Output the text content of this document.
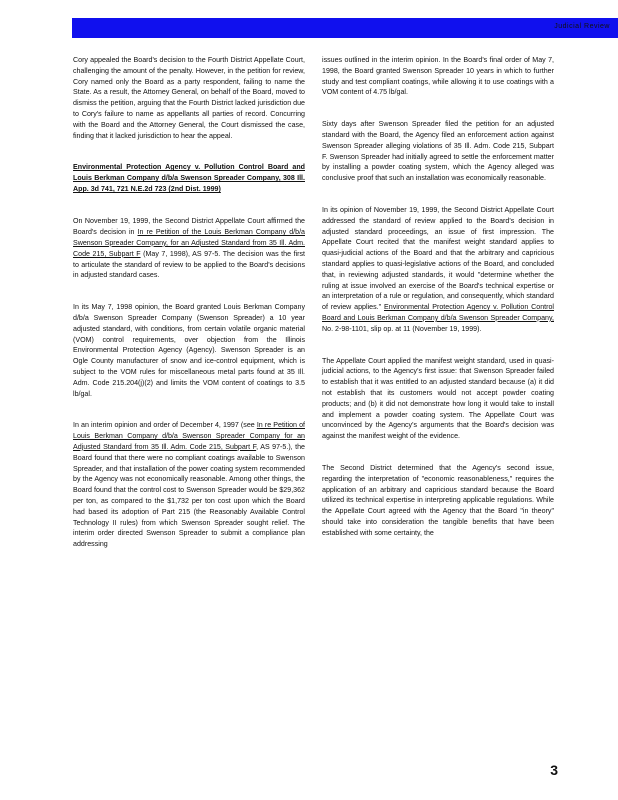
Judicial Review

Cory appealed the Board's decision to the Fourth District Appellate Court, challenging the amount of the penalty. However, in the petition for review, Cory named only the Board as a party respondent, failing to name the State. As a result, the Attorney General, on behalf of the Board, moved to dismiss the petition, arguing that the Fourth District lacked jurisdiction due to Cory's failure to name as appellants all parties of record. Concurring with the Board and the Attorney General, the Court dismissed the case, finding that it lacked jurisdiction to hear the appeal.

Environmental Protection Agency v. Pollution Control Board and Louis Berkman Company d/b/a Swenson Spreader Company, 308 Ill. App. 3d 741, 721 N.E.2d 723 (2nd Dist. 1999)

On November 19, 1999, the Second District Appellate Court affirmed the Board's decision in In re Petition of the Louis Berkman Company d/b/a Swenson Spreader Company, for an Adjusted Standard from 35 Ill. Adm. Code 215, Subpart F (May 7, 1998), AS 97-5. The decision was the first to articulate the standard of review to be applied to the Board's decisions in adjusted standard cases.

In its May 7, 1998 opinion, the Board granted Louis Berkman Company d/b/a Swenson Spreader Company (Swenson Spreader) a 10 year adjusted standard, with conditions, from certain volatile organic material (VOM) control requirements, over objection from the Illinois Environmental Protection Agency (Agency). Swenson Spreader is an Ogle County manufacturer of snow and ice-control equipment, which is subject to the VOM rules for miscellaneous metal parts found at 35 Ill. Adm. Code 215.204(j)(2) and limits the VOM content of coatings to 3.5 lb/gal.

In an interim opinion and order of December 4, 1997 (see In re Petition of Louis Berkman Company d/b/a Swenson Spreader Company for an Adjusted Standard from 35 Ill. Adm. Code 215, Subpart F, AS 97-5.), the Board found that there were no compliant coatings available to Swenson Spreader, and that installation of the power coating system recommended by the Agency was not economically reasonable. Among other things, the Board found that the control cost to Swenson Spreader would be $29,362 per ton, as compared to the $1,732 per ton cost upon which the Board had based its adoption of Part 215 (the Reasonably Available Control Technology II rules) from which Swenson Spreader sought relief. The interim order directed Swenson Spreader to submit a compliance plan addressing

issues outlined in the interim opinion. In the Board's final order of May 7, 1998, the Board granted Swenson Spreader 10 years in which to further study and test compliant coatings, while allowing it to use coatings with a VOM content of 4.75 lb/gal.

Sixty days after Swenson Spreader filed the petition for an adjusted standard with the Board, the Agency filed an enforcement action against Swenson Spreader alleging violations of 35 Ill. Adm. Code 215, Subpart F. Swenson Spreader had initially agreed to settle the enforcement matter by installing a powder coating system, which the Agency alleged was conclusive proof that such an installation was economically reasonable.

In its opinion of November 19, 1999, the Second District Appellate Court addressed the standard of review applied to the Board's decision in adjusted standard proceedings, an issue of first impression. The Appellate Court recited that the manifest weight standard applies to quasi-judicial actions of the Board and that the arbitrary and capricious standard applies to quasi-legislative actions of the Board, and concluded that, in reviewing adjusted standards, it would "determine whether the ruling at issue involved an exercise of the Board's technical expertise or an interpretation of a rule or regulation, and consequently, which standard of review applies." Environmental Protection Agency v. Pollution Control Board and Louis Berkman Company d/b/a Swenson Spreader Company, No. 2-98-1101, slip op. at 11 (November 19, 1999).

The Appellate Court applied the manifest weight standard, used in quasi-judicial actions, to the Agency's first issue: that Swenson Spreader failed to establish that it was entitled to an adjusted standard because (a) it did not establish that its customers would not accept powder coating products; and (b) it did not demonstrate how long it would take to install and implement a powder coating system. The Appellate Court was unconvinced by the Agency's arguments that the Board's decision was against the manifest weight of the evidence.

The Second District determined that the Agency's second issue, regarding the interpretation of "economic reasonableness," requires the application of an arbitrary and capricious standard because the Board utilized its technical expertise in interpreting applicable regulations. While the Appellate Court agreed with the Agency that the Board "in theory" should take into consideration the tangible benefits that have been established with some certainty, the

3
